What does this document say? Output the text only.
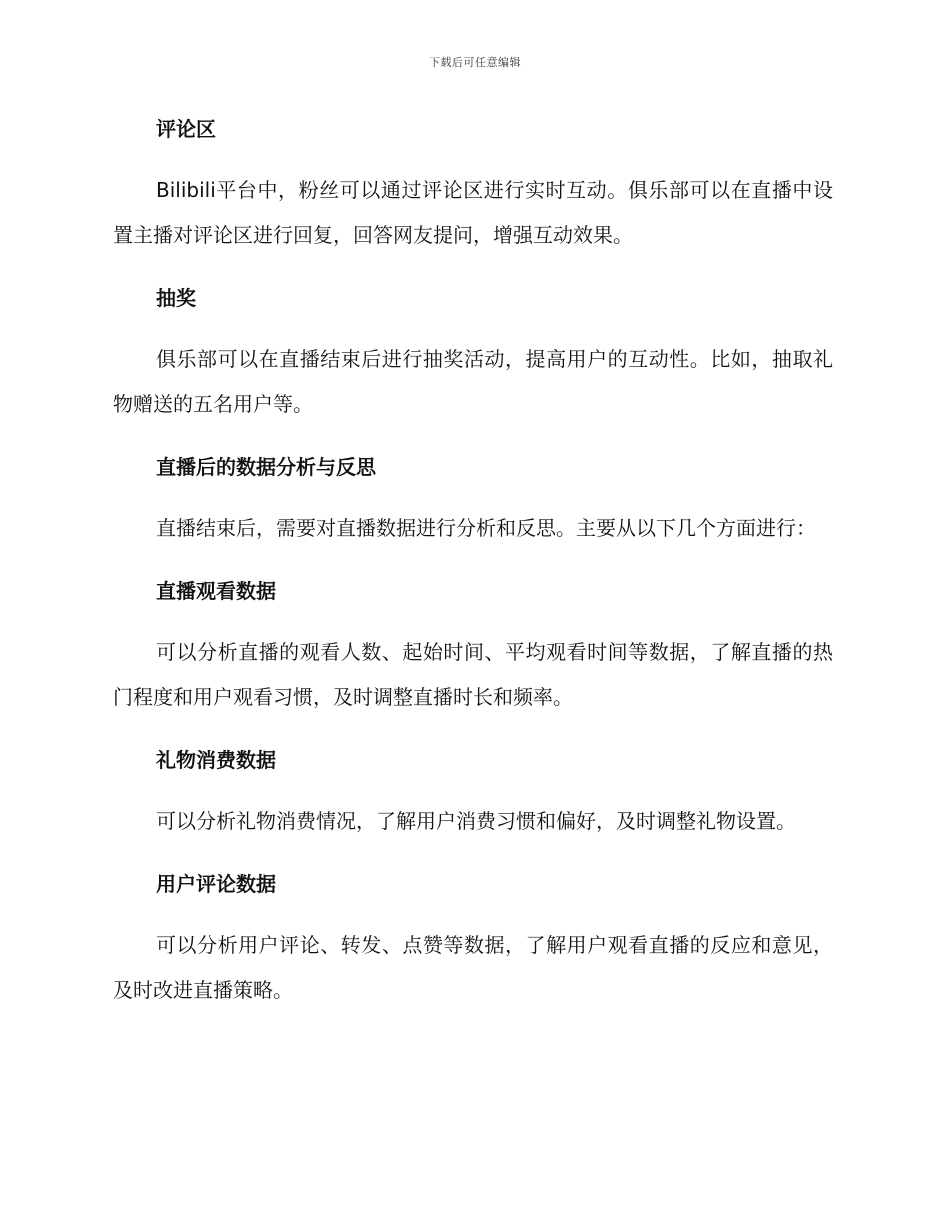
下载后可任意编辑
评论区

Bilibili平台中，粉丝可以通过评论区进行实时互动。俱乐部可以在直播中设置主播对评论区进行回复，回答网友提问，增强互动效果。

抽奖

俱乐部可以在直播结束后进行抽奖活动，提高用户的互动性。比如，抽取礼物赠送的五名用户等。

直播后的数据分析与反思

直播结束后，需要对直播数据进行分析和反思。主要从以下几个方面进行：

直播观看数据

可以分析直播的观看人数、起始时间、平均观看时间等数据，了解直播的热门程度和用户观看习惯，及时调整直播时长和频率。

礼物消费数据

可以分析礼物消费情况，了解用户消费习惯和偏好，及时调整礼物设置。

用户评论数据

可以分析用户评论、转发、点赞等数据，了解用户观看直播的反应和意见，及时改进直播策略。
